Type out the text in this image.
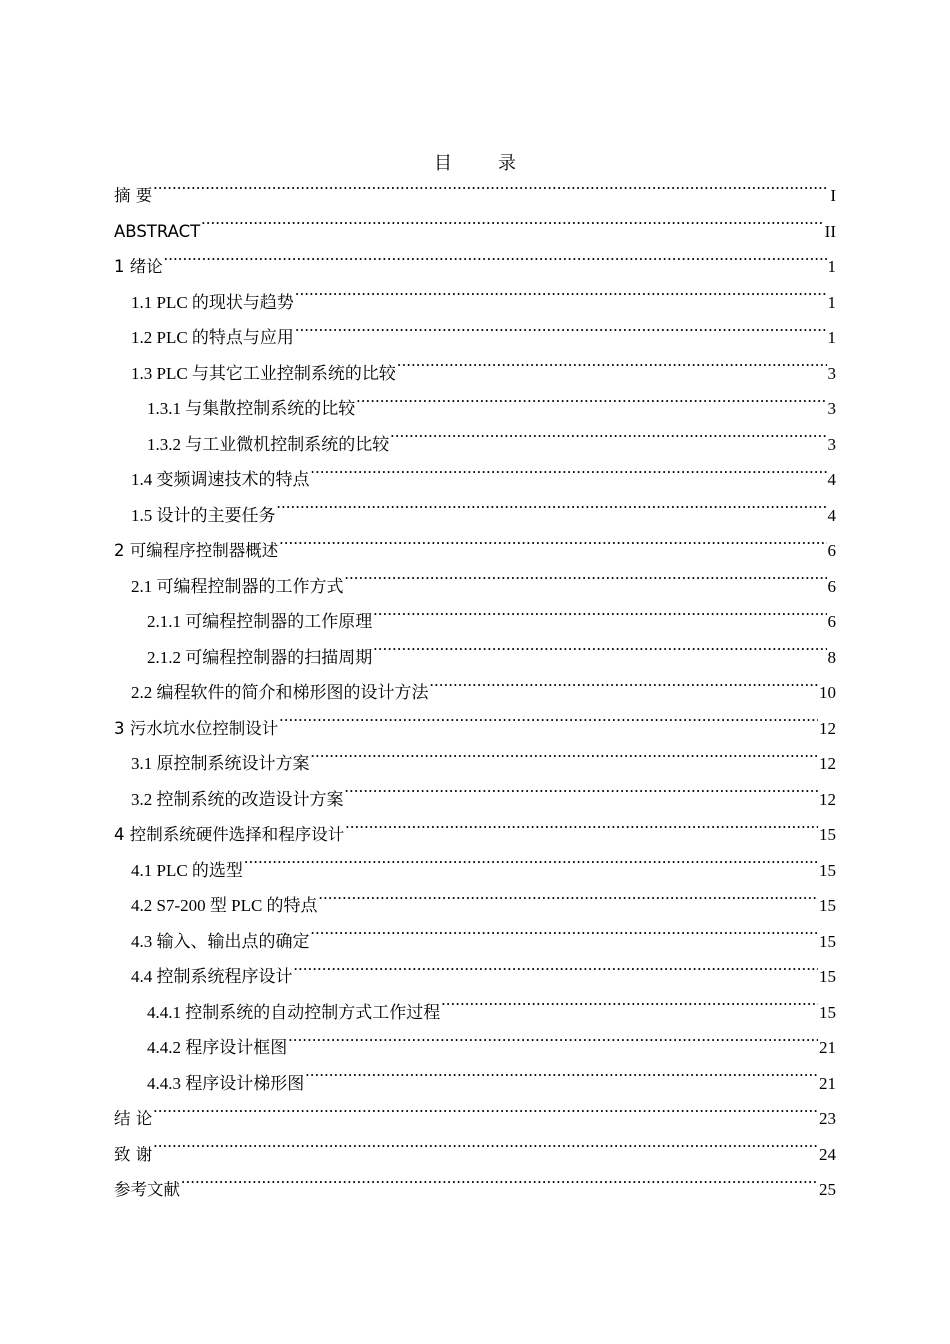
目　录
摘 要 .....	I
ABSTRACT .....	II
1 绪论 .....	1
1.1 PLC 的现状与趋势 .....	1
1.2 PLC 的特点与应用 .....	1
1.3 PLC 与其它工业控制系统的比较 .....	3
1.3.1 与集散控制系统的比较 .....	3
1.3.2 与工业微机控制系统的比较 .....	3
1.4 变频调速技术的特点 .....	4
1.5 设计的主要任务 .....	4
2 可编程序控制器概述 .....	6
2.1 可编程控制器的工作方式 .....	6
2.1.1 可编程控制器的工作原理 .....	6
2.1.2 可编程控制器的扫描周期 .....	8
2.2 编程软件的简介和梯形图的设计方法 .....	10
3 污水坑水位控制设计 .....	12
3.1 原控制系统设计方案 .....	12
3.2 控制系统的改造设计方案 .....	12
4 控制系统硬件选择和程序设计 .....	15
4.1 PLC 的选型 .....	15
4.2 S7-200 型 PLC 的特点 .....	15
4.3 输入、输出点的确定 .....	15
4.4 控制系统程序设计 .....	15
4.4.1 控制系统的自动控制方式工作过程 .....	15
4.4.2 程序设计框图 .....	21
4.4.3 程序设计梯形图 .....	21
结 论 .....	23
致 谢 .....	24
参考文献 .....	25
